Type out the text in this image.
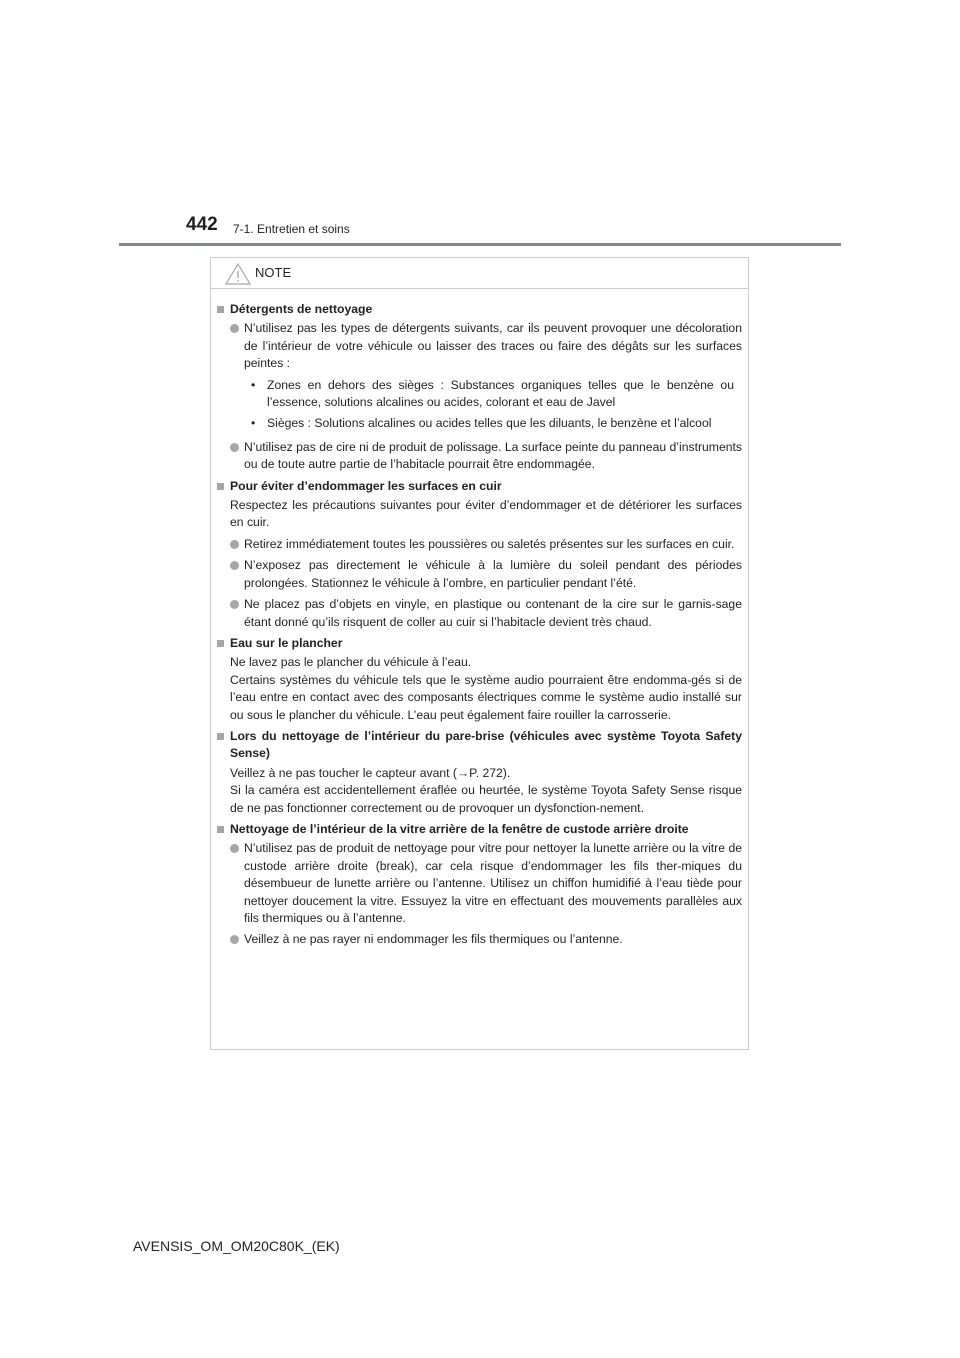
442 7-1. Entretien et soins
NOTE
Détergents de nettoyage
N’utilisez pas les types de détergents suivants, car ils peuvent provoquer une décoloration de l’intérieur de votre véhicule ou laisser des traces ou faire des dégâts sur les surfaces peintes :
• Zones en dehors des sièges : Substances organiques telles que le benzène ou l’essence, solutions alcalines ou acides, colorant et eau de Javel
• Sièges : Solutions alcalines ou acides telles que les diluants, le benzène et l’alcool
N’utilisez pas de cire ni de produit de polissage. La surface peinte du panneau d’instruments ou de toute autre partie de l’habitacle pourrait être endommagée.
Pour éviter d’endommager les surfaces en cuir
Respectez les précautions suivantes pour éviter d’endommager et de détériorer les surfaces en cuir.
Retirez immédiatement toutes les poussières ou saletés présentes sur les surfaces en cuir.
N’exposez pas directement le véhicule à la lumière du soleil pendant des périodes prolongées. Stationnez le véhicule à l’ombre, en particulier pendant l’été.
Ne placez pas d’objets en vinyle, en plastique ou contenant de la cire sur le garnis-sage étant donné qu’ils risquent de coller au cuir si l’habitacle devient très chaud.
Eau sur le plancher
Ne lavez pas le plancher du véhicule à l’eau.
Certains systèmes du véhicule tels que le système audio pourraient être endomma-gés si de l’eau entre en contact avec des composants électriques comme le système audio installé sur ou sous le plancher du véhicule. L’eau peut également faire rouiller la carrosserie.
Lors du nettoyage de l’intérieur du pare-brise (véhicules avec système Toyota Safety Sense)
Veillez à ne pas toucher le capteur avant (→P. 272).
Si la caméra est accidentellement éraflée ou heurtée, le système Toyota Safety Sense risque de ne pas fonctionner correctement ou de provoquer un dysfonction-nement.
Nettoyage de l’intérieur de la vitre arrière de la fenêtre de custode arrière droite
N’utilisez pas de produit de nettoyage pour vitre pour nettoyer la lunette arrière ou la vitre de custode arrière droite (break), car cela risque d’endommager les fils ther-miques du désembueur de lunette arrière ou l’antenne. Utilisez un chiffon humidifié à l’eau tiède pour nettoyer doucement la vitre. Essuyez la vitre en effectuant des mouvements parallèles aux fils thermiques ou à l’antenne.
Veillez à ne pas rayer ni endommager les fils thermiques ou l’antenne.
AVENSIS_OM_OM20C80K_(EK)
